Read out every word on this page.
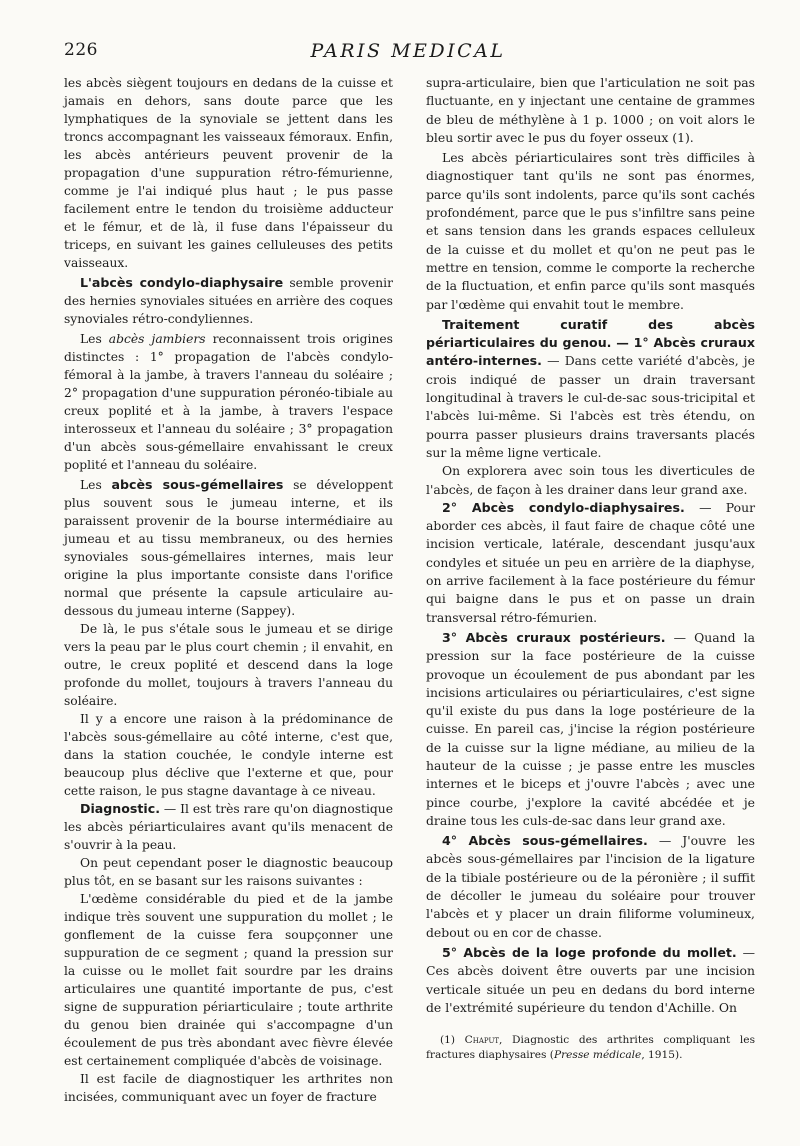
226	PARIS MEDICAL

les abcès siègent toujours en dedans de la cuisse et jamais en dehors, sans doute parce que les lymphatiques de la synoviale se jettent dans les troncs accompagnant les vaisseaux fémoraux. Enfin, les abcès antérieurs peuvent provenir de la propagation d'une suppuration rétro-fémurienne, comme je l'ai indiqué plus haut ; le pus passe facilement entre le tendon du troisième adducteur et le fémur, et de là, il fuse dans l'épaisseur du triceps, en suivant les gaines celluleuses des petits vaisseaux.

L'abcès condylo-diaphysaire semble provenir des hernies synoviales situées en arrière des coques synoviales rétro-condyliennes.

Les abcès jambiers reconnaissent trois origines distinctes : 1° propagation de l'abcès condylo-fémoral à la jambe, à travers l'anneau du soléaire ; 2° propagation d'une suppuration péronéo-tibiale au creux poplité et à la jambe, à travers l'espace interosseux et l'anneau du soléaire ; 3° propagation d'un abcès sous-gémellaire envahissant le creux poplité et l'anneau du soléaire.

Les abcès sous-gémellaires se développent plus souvent sous le jumeau interne, et ils paraissent provenir de la bourse intermédiaire au jumeau et au tissu membraneux, ou des hernies synoviales sous-gémellaires internes, mais leur origine la plus importante consiste dans l'orifice normal que présente la capsule articulaire au-dessous du jumeau interne (Sappey).

De là, le pus s'étale sous le jumeau et se dirige vers la peau par le plus court chemin ; il envahit, en outre, le creux poplité et descend dans la loge profonde du mollet, toujours à travers l'anneau du soléaire.

Il y a encore une raison à la prédominance de l'abcès sous-gémellaire au côté interne, c'est que, dans la station couchée, le condyle interne est beaucoup plus déclive que l'externe et que, pour cette raison, le pus stagne davantage à ce niveau.

Diagnostic. — Il est très rare qu'on diagnostique les abcès périarticulaires avant qu'ils menacent de s'ouvrir à la peau.

On peut cependant poser le diagnostic beaucoup plus tôt, en se basant sur les raisons suivantes :

L'œdème considérable du pied et de la jambe indique très souvent une suppuration du mollet ; le gonflement de la cuisse fera soupçonner une suppuration de ce segment ; quand la pression sur la cuisse ou le mollet fait sourdre par les drains articulaires une quantité importante de pus, c'est signe de suppuration périarticulaire ; toute arthrite du genou bien drainée qui s'accompagne d'un écoulement de pus très abondant avec fièvre élevée est certainement compliquée d'abcès de voisinage.

Il est facile de diagnostiquer les arthrites non incisées, communiquant avec un foyer de fracture

supra-articulaire, bien que l'articulation ne soit pas fluctuante, en y injectant une centaine de grammes de bleu de méthylène à 1 p. 1000 ; on voit alors le bleu sortir avec le pus du foyer osseux (1).

Les abcès périarticulaires sont très difficiles à diagnostiquer tant qu'ils ne sont pas énormes, parce qu'ils sont indolents, parce qu'ils sont cachés profondément, parce que le pus s'infiltre sans peine et sans tension dans les grands espaces celluleux de la cuisse et du mollet et qu'on ne peut pas le mettre en tension, comme le comporte la recherche de la fluctuation, et enfin parce qu'ils sont masqués par l'œdème qui envahit tout le membre.

Traitement curatif des abcès périarticulaires du genou. — 1° Abcès cruraux antéro-internes. — Dans cette variété d'abcès, je crois indiqué de passer un drain traversant longitudinal à travers le cul-de-sac sous-tricipital et l'abcès lui-même. Si l'abcès est très étendu, on pourra passer plusieurs drains traversants placés sur la même ligne verticale.

On explorera avec soin tous les diverticules de l'abcès, de façon à les drainer dans leur grand axe.

2° Abcès condylo-diaphysaires. — Pour aborder ces abcès, il faut faire de chaque côté une incision verticale, latérale, descendant jusqu'aux condyles et située un peu en arrière de la diaphyse, on arrive facilement à la face postérieure du fémur qui baigne dans le pus et on passe un drain transversal rétro-fémurien.

3° Abcès cruraux postérieurs. — Quand la pression sur la face postérieure de la cuisse provoque un écoulement de pus abondant par les incisions articulaires ou périarticulaires, c'est signe qu'il existe du pus dans la loge postérieure de la cuisse. En pareil cas, j'incise la région postérieure de la cuisse sur la ligne médiane, au milieu de la hauteur de la cuisse ; je passe entre les muscles internes et le biceps et j'ouvre l'abcès ; avec une pince courbe, j'explore la cavité abcédée et je draine tous les culs-de-sac dans leur grand axe.

4° Abcès sous-gémellaires. — J'ouvre les abcès sous-gémellaires par l'incision de la ligature de la tibiale postérieure ou de la péronière ; il suffit de décoller le jumeau du soléaire pour trouver l'abcès et y placer un drain filiforme volumineux, debout ou en cor de chasse.

5° Abcès de la loge profonde du mollet. — Ces abcès doivent être ouverts par une incision verticale située un peu en dedans du bord interne de l'extrémité supérieure du tendon d'Achille. On

(1) Chaput, Diagnostic des arthrites compliquant les fractures diaphysaires (Presse médicale, 1915).
